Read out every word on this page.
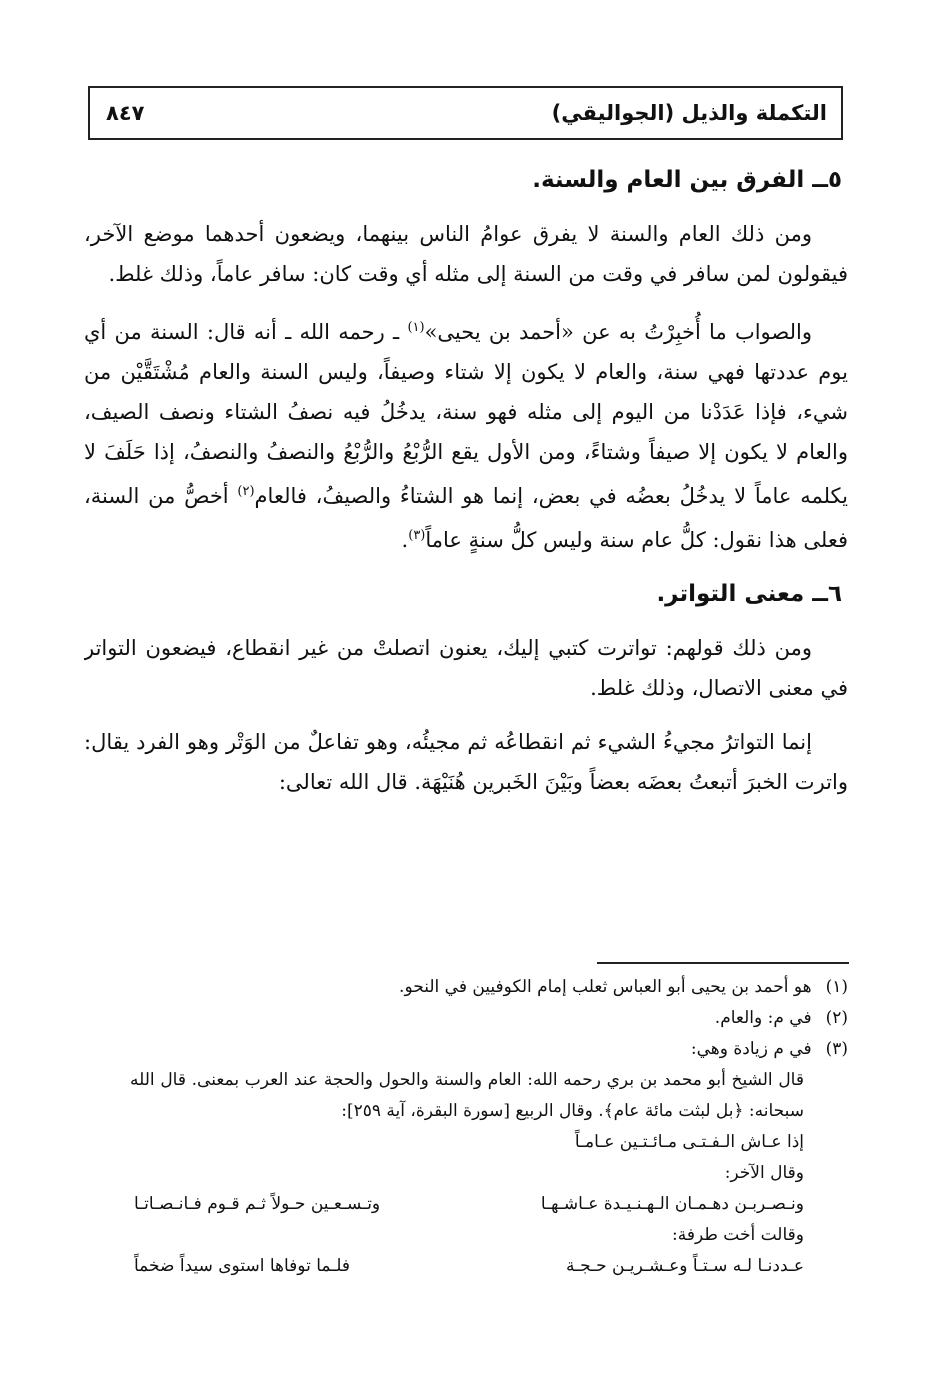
التكملة والذيل (الجواليقي)
٨٤٧
٥ــ الفرق بين العام والسنة.

ومن ذلك العام والسنة لا يفرق عوامُ الناس بينهما، ويضعون أحدهما موضع الآخر، فيقولون لمن سافر في وقت من السنة إلى مثله أي وقت كان: سافر عاماً، وذلك غلط.

والصواب ما أُخبِرْتُ به عن «أحمد بن يحيى»$^{(١)}$ ـ رحمه الله ـ أنه قال: السنة من أي يوم عددتها فهي سنة، والعام لا يكون إلا شتاء وصيفاً، وليس السنة والعام مُشْتَقَّيْن من شيء، فإذا عَدَدْنا من اليوم إلى مثله فهو سنة، يدخُلُ فيه نصفُ الشتاء ونصف الصيف، والعام لا يكون إلا صيفاً وشتاءً، ومن الأول يقع الرُّبْعُ والرُّبْعُ والنصفُ والنصفُ، إذا حَلَفَ لا يكلمه عاماً لا يدخُلُ بعضُه في بعض، إنما هو الشتاءُ والصيفُ، فالعام$^{(٢)}$ أخصُّ من السنة، فعلى هذا نقول: كلُّ عام سنة وليس كلُّ سنةٍ عاماً$^{(٣)}$.

٦ــ معنى التواتر.

ومن ذلك قولهم: تواترت كتبي إليك، يعنون اتصلتْ من غير انقطاع، فيضعون التواتر في معنى الاتصال، وذلك غلط.

إنما التواترُ مجيءُ الشيء ثم انقطاعُه ثم مجيئُه، وهو تفاعلٌ من الوَتْر وهو الفرد يقال: واترت الخبرَ أتبعتُ بعضَه بعضاً وبَيْنَ الخَبرين هُنَيْهَة. قال الله تعالى:

(١)
هو أحمد بن يحيى أبو العباس ثعلب إمام الكوفيين في النحو.
(٢)
في م: والعام.
(٣)
في م زيادة وهي:
قال الشيخ أبو محمد بن بري رحمه الله: العام والسنة والحول والحجة عند العرب بمعنى. قال الله سبحانه: ﴿بل لبثت مائة عام﴾. وقال الربيع [سورة البقرة، آية ٢٥٩]:
إذا عـاش الـفـتـى مـائـتـين عـامـاً
وقال الآخر:
ونـصـربـن دهـمـان الـهـنـيـدة عـاشـهـا
وتـسـعـين حـولاً ثـم قـوم فـانـصـاتـا
وقالت أخت طرفة:
عـددنـا لـه سـتـاً وعـشـريـن حـجـة
فلـما توفاها استوى سيداً ضخماً
